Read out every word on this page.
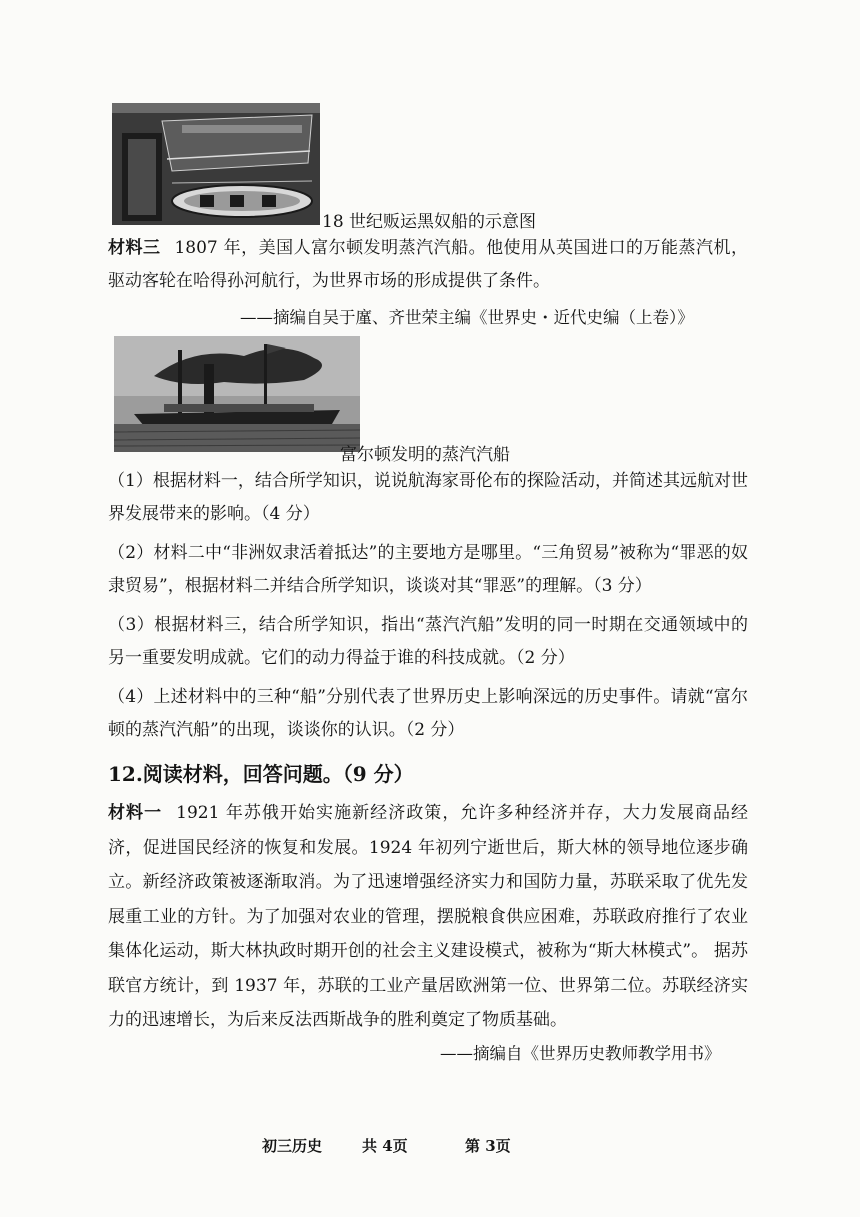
18 世纪贩运黑奴船的示意图
材料三 1807 年，美国人富尔顿发明蒸汽汽船。他使用从英国进口的万能蒸汽机，驱动客轮在哈得孙河航行，为世界市场的形成提供了条件。
——摘编自吴于廑、齐世荣主编《世界史・近代史编（上卷）》
富尔顿发明的蒸汽汽船
（1）根据材料一，结合所学知识，说说航海家哥伦布的探险活动，并简述其远航对世界发展带来的影响。（4 分）
（2）材料二中“非洲奴隶活着抵达”的主要地方是哪里。“三角贸易”被称为“罪恶的奴隶贸易”，根据材料二并结合所学知识，谈谈对其“罪恶”的理解。（3 分）
（3）根据材料三，结合所学知识，指出“蒸汽汽船”发明的同一时期在交通领域中的另一重要发明成就。它们的动力得益于谁的科技成就。（2 分）
（4）上述材料中的三种“船”分别代表了世界历史上影响深远的历史事件。请就“富尔顿的蒸汽汽船”的出现，谈谈你的认识。（2 分）
12.阅读材料，回答问题。（9 分）
材料一 1921 年苏俄开始实施新经济政策，允许多种经济并存，大力发展商品经济，促进国民经济的恢复和发展。1924 年初列宁逝世后，斯大林的领导地位逐步确立。新经济政策被逐渐取消。为了迅速增强经济实力和国防力量，苏联采取了优先发展重工业的方针。为了加强对农业的管理，摆脱粮食供应困难，苏联政府推行了农业集体化运动，斯大林执政时期开创的社会主义建设模式，被称为“斯大林模式”。 据苏联官方统计，到 1937 年，苏联的工业产量居欧洲第一位、世界第二位。苏联经济实力的迅速增长，为后来反法西斯战争的胜利奠定了物质基础。
——摘编自《世界历史教师教学用书》
初三历史	共 4页	第 3页
